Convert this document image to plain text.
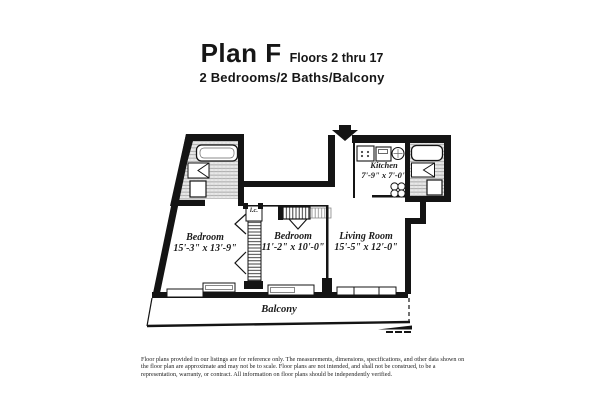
Plan F Floors 2 thru 17
2 Bedrooms/2 Baths/Balcony
Bedroom
15'-3" x 13'-9"
Bedroom
11'-2" x 10'-0"
Living Room
15'-5" x 12'-0"
Kitchen
7'-9" x 7'-0"
l.c.
Balcony
Floor plans provided in our listings are for reference only. The measurements, dimensions, specifications, and other data shown on
the floor plan are approximate and may not be to scale. Floor plans are not intended, and shall not be construed, to be a
representation, warranty, or contract. All information on floor plans should be independently verified.
